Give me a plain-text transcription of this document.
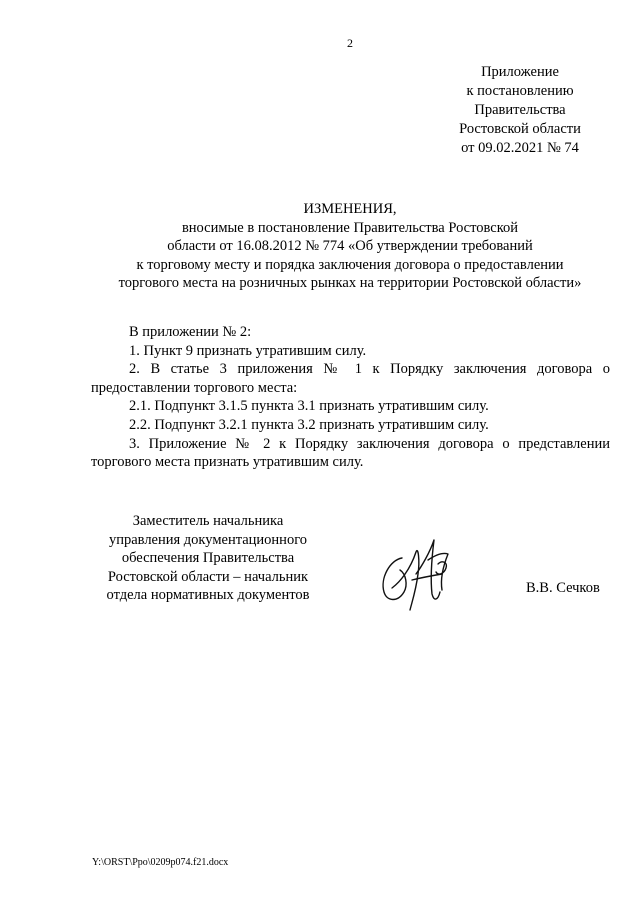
2
Приложение
к постановлению
Правительства
Ростовской области
от 09.02.2021 № 74
ИЗМЕНЕНИЯ,
вносимые в постановление Правительства Ростовской
области от 16.08.2012 № 774 «Об утверждении требований
к торговому месту и порядка заключения договора о предоставлении
торгового места на розничных рынках на территории Ростовской области»

В приложении № 2:

1. Пункт 9 признать утратившим силу.

2. В статье 3 приложения № 1 к Порядку заключения договора о предоставлении торгового места:

2.1. Подпункт 3.1.5 пункта 3.1 признать утратившим силу.

2.2. Подпункт 3.2.1 пункта 3.2 признать утратившим силу.

3. Приложение № 2 к Порядку заключения договора о представлении торгового места признать утратившим силу.

Заместитель начальника
управления документационного
обеспечения Правительства
Ростовской области – начальник
отдела нормативных документов	В.В. Сечков
Y:\ORST\Ppo\0209p074.f21.docx
